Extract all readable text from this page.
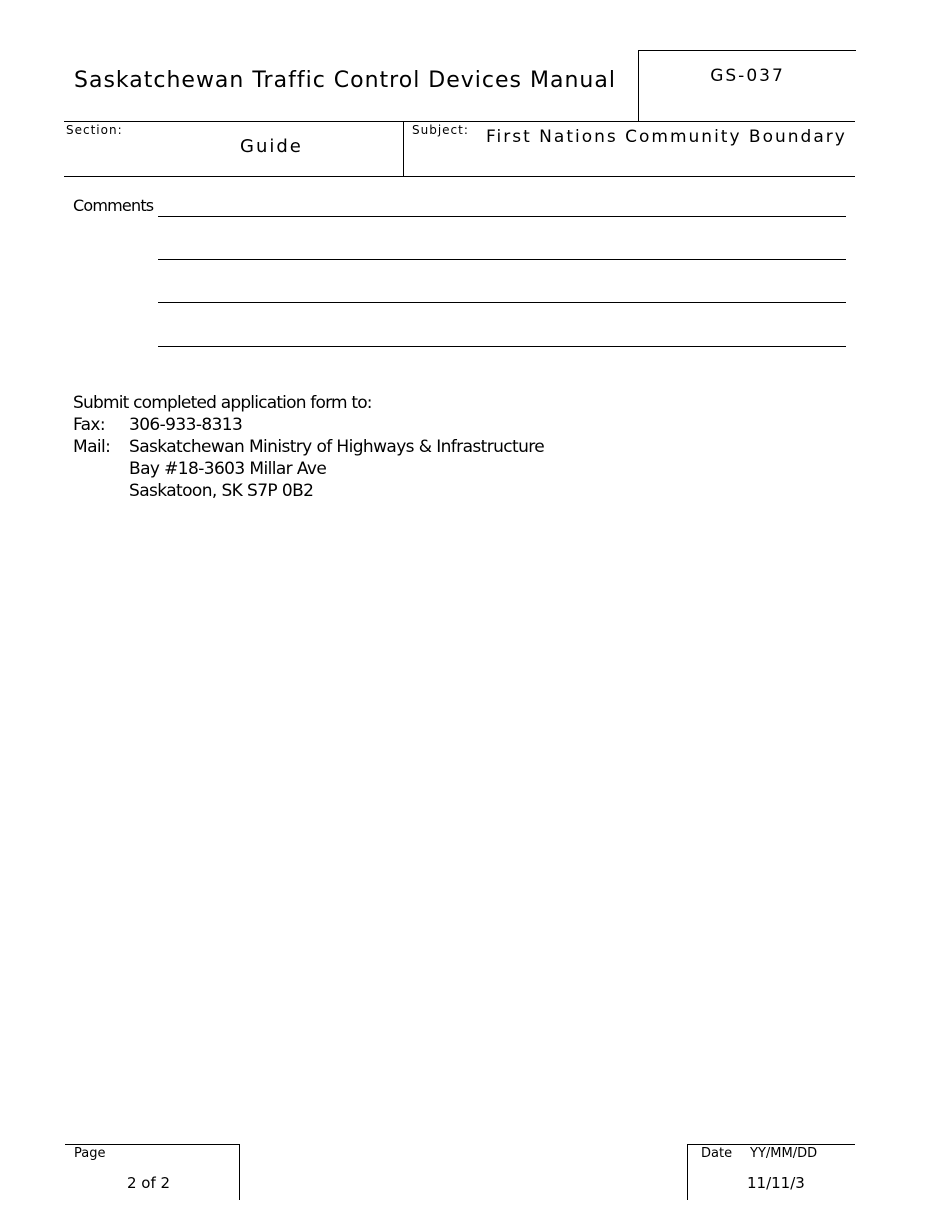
Saskatchewan Traffic Control Devices Manual	GS-037
Section:
Guide
Subject: First Nations Community Boundary
Comments
Submit completed application form to:
Fax: 306-933-8313
Mail: Saskatchewan Ministry of Highways & Infrastructure
Bay #18-3603 Millar Ave
Saskatoon, SK S7P 0B2
Page
2 of 2
Date YY/MM/DD
11/11/3
